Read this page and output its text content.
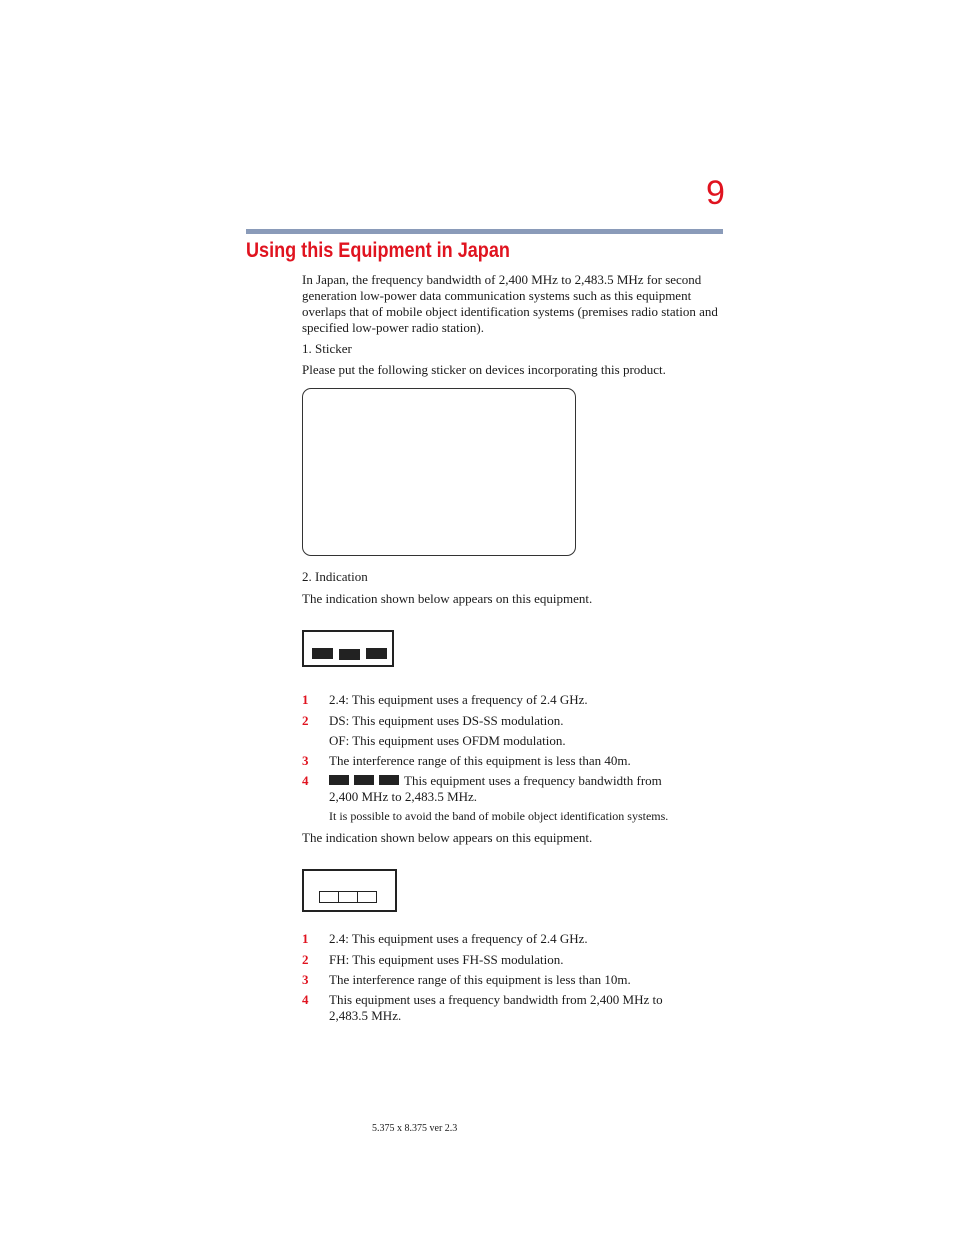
9
Using this Equipment in Japan
In Japan, the frequency bandwidth of 2,400 MHz to 2,483.5 MHz for second generation low-power data communication systems such as this equipment overlaps that of mobile object identification systems (premises radio station and specified low-power radio station).
1. Sticker
Please put the following sticker on devices incorporating this product.
2. Indication
The indication shown below appears on this equipment.
1 2.4: This equipment uses a frequency of 2.4 GHz.
2 DS: This equipment uses DS-SS modulation.
OF: This equipment uses OFDM modulation.
3 The interference range of this equipment is less than 40m.
4	This equipment uses a frequency bandwidth from
2,400 MHz to 2,483.5 MHz.
It is possible to avoid the band of mobile object identification systems.
The indication shown below appears on this equipment.
1 2.4: This equipment uses a frequency of 2.4 GHz.
2 FH: This equipment uses FH-SS modulation.
3 The interference range of this equipment is less than 10m.
4 This equipment uses a frequency bandwidth from 2,400 MHz to
2,483.5 MHz.
5.375 x 8.375 ver 2.3
